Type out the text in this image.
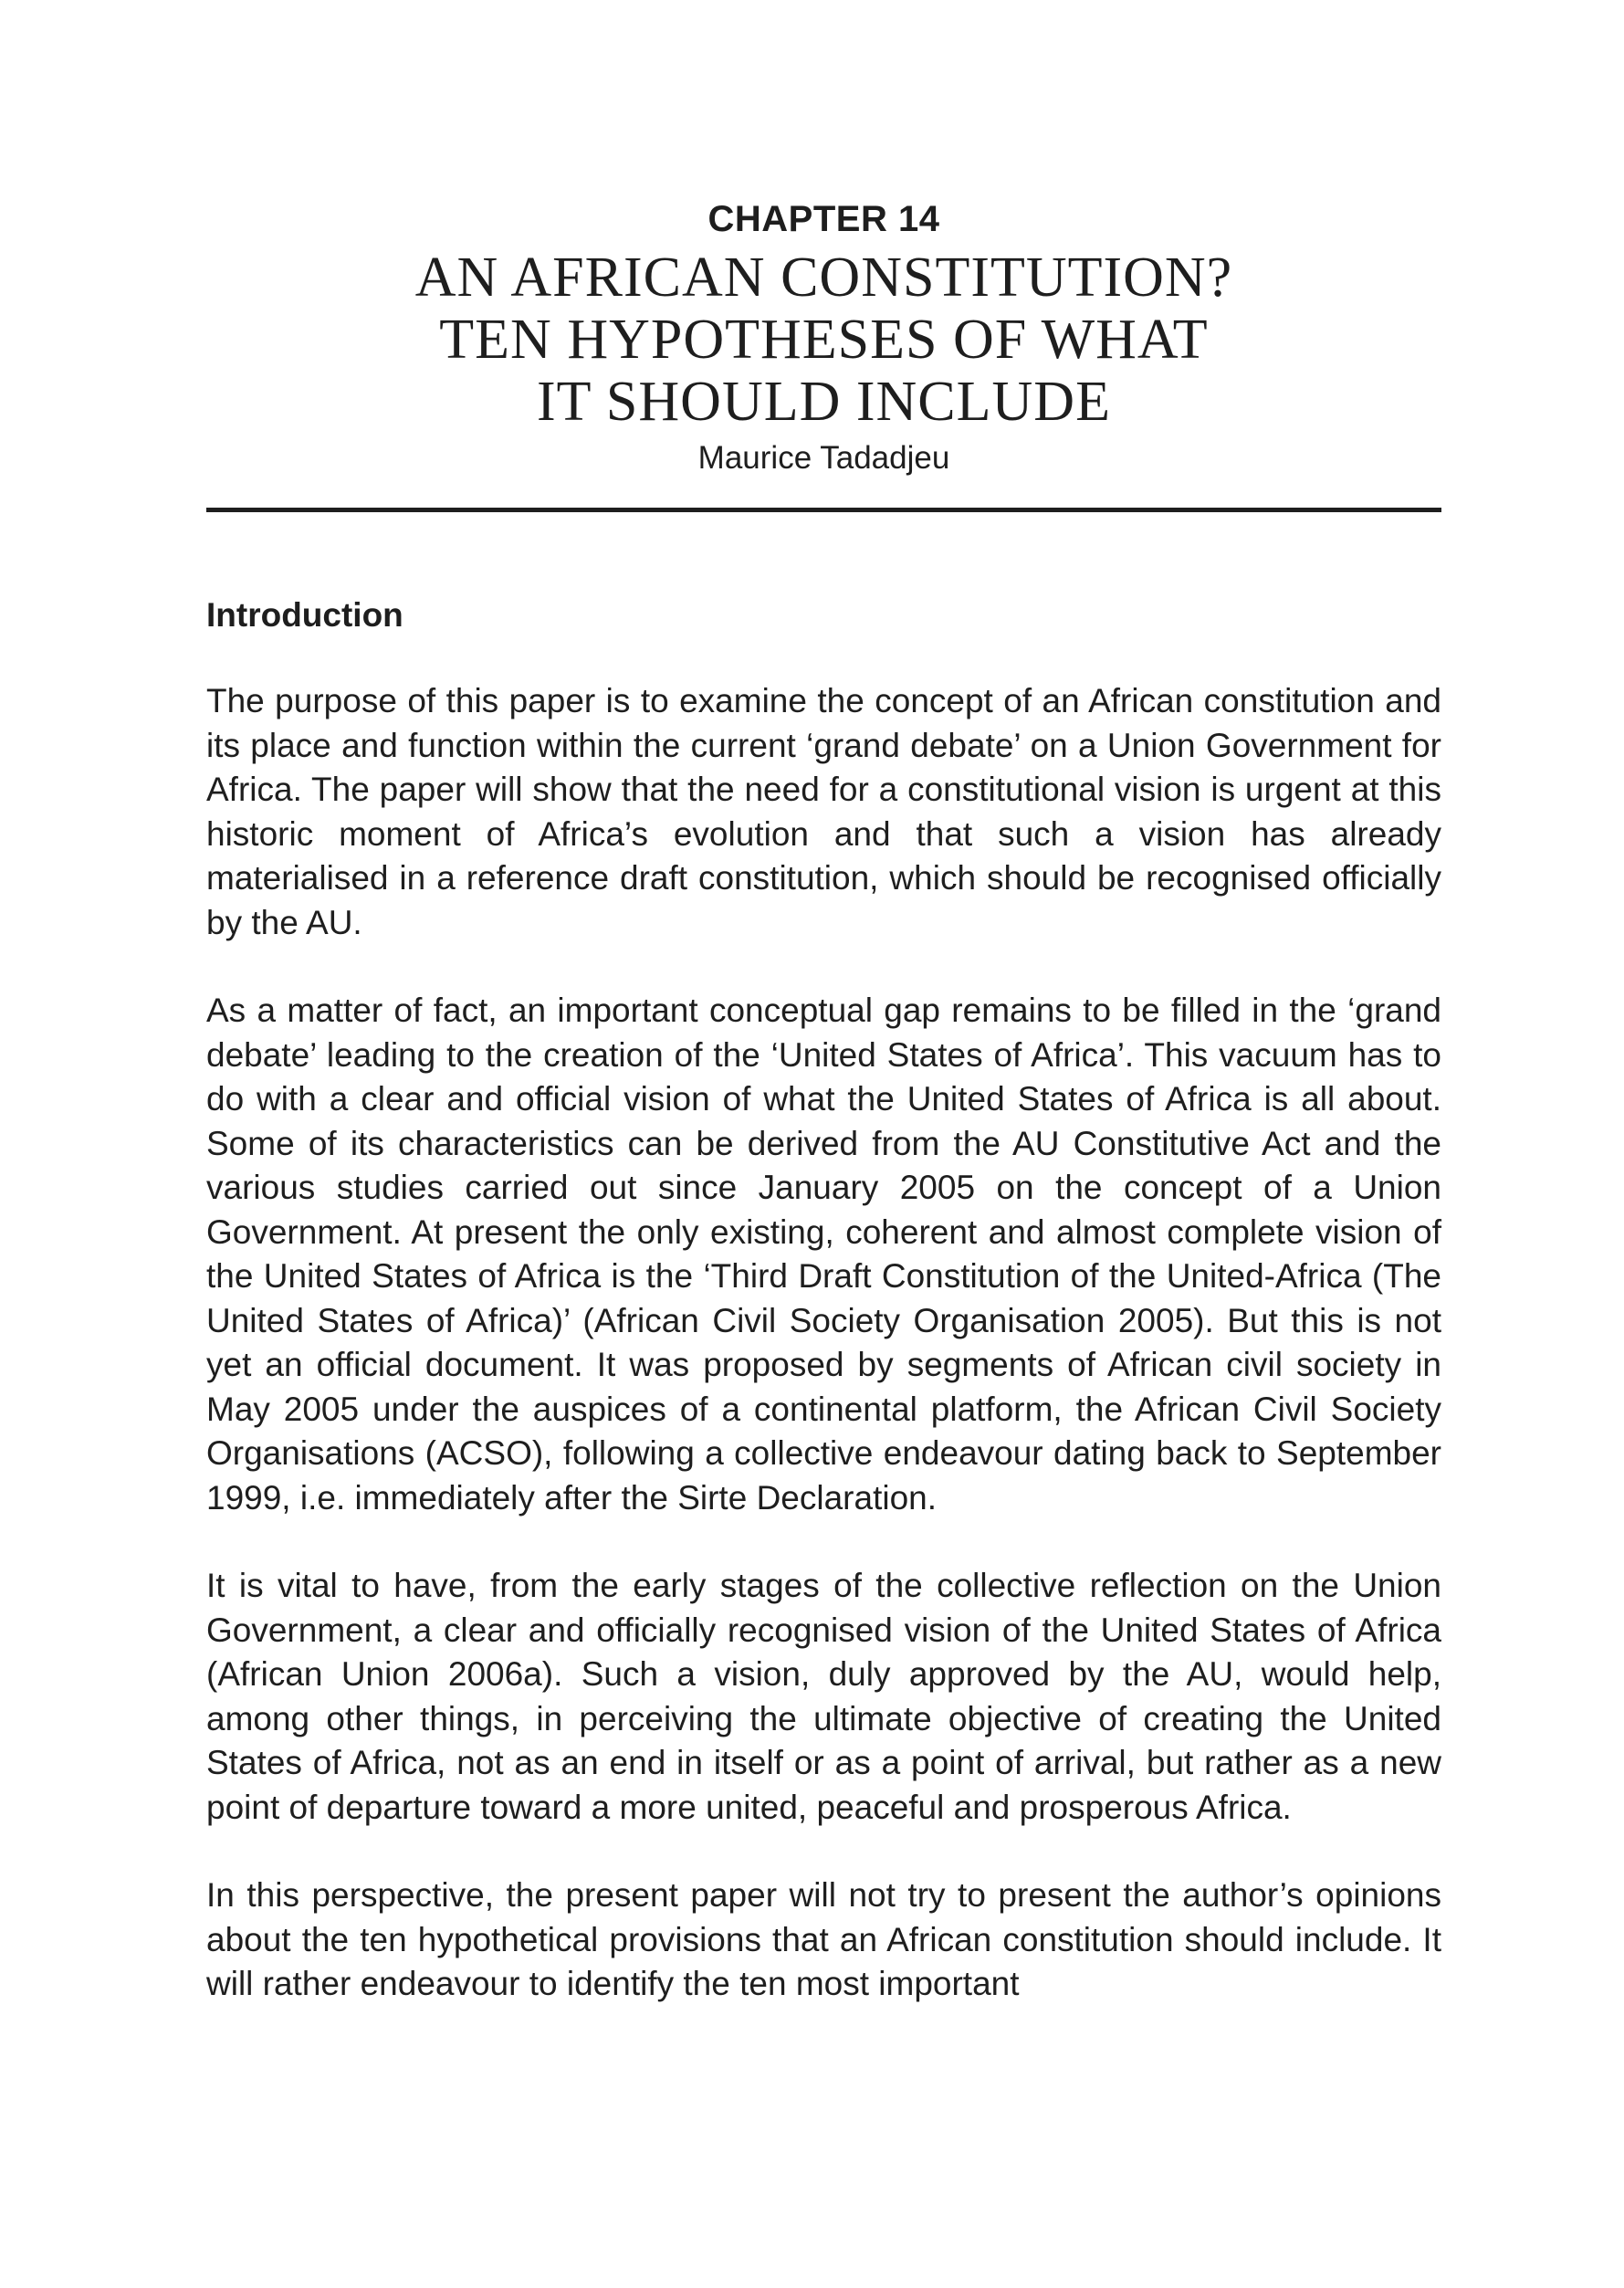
CHAPTER 14
AN AFRICAN CONSTITUTION?
TEN HYPOTHESES OF WHAT
IT SHOULD INCLUDE
Maurice Tadadjeu
Introduction

The purpose of this paper is to examine the concept of an African constitution and its place and function within the current ‘grand debate’ on a Union Government for Africa. The paper will show that the need for a constitutional vision is urgent at this historic moment of Africa’s evolution and that such a vision has already materialised in a reference draft constitution, which should be recognised officially by the AU.

As a matter of fact, an important conceptual gap remains to be filled in the ‘grand debate’ leading to the creation of the ‘United States of Africa’. This vacuum has to do with a clear and official vision of what the United States of Africa is all about. Some of its characteristics can be derived from the AU Constitutive Act and the various studies carried out since January 2005 on the concept of a Union Government. At present the only existing, coherent and almost complete vision of the United States of Africa is the ‘Third Draft Constitution of the United-Africa (The United States of Africa)’ (African Civil Society Organisation 2005). But this is not yet an official document. It was proposed by segments of African civil society in May 2005 under the auspices of a continental platform, the African Civil Society Organisations (ACSO), following a collective endeavour dating back to September 1999, i.e. immediately after the Sirte Declaration.

It is vital to have, from the early stages of the collective reflection on the Union Government, a clear and officially recognised vision of the United States of Africa (African Union 2006a). Such a vision, duly approved by the AU, would help, among other things, in perceiving the ultimate objective of creating the United States of Africa, not as an end in itself or as a point of arrival, but rather as a new point of departure toward a more united, peaceful and prosperous Africa.

In this perspective, the present paper will not try to present the author’s opinions about the ten hypothetical provisions that an African constitution should include. It will rather endeavour to identify the ten most important
